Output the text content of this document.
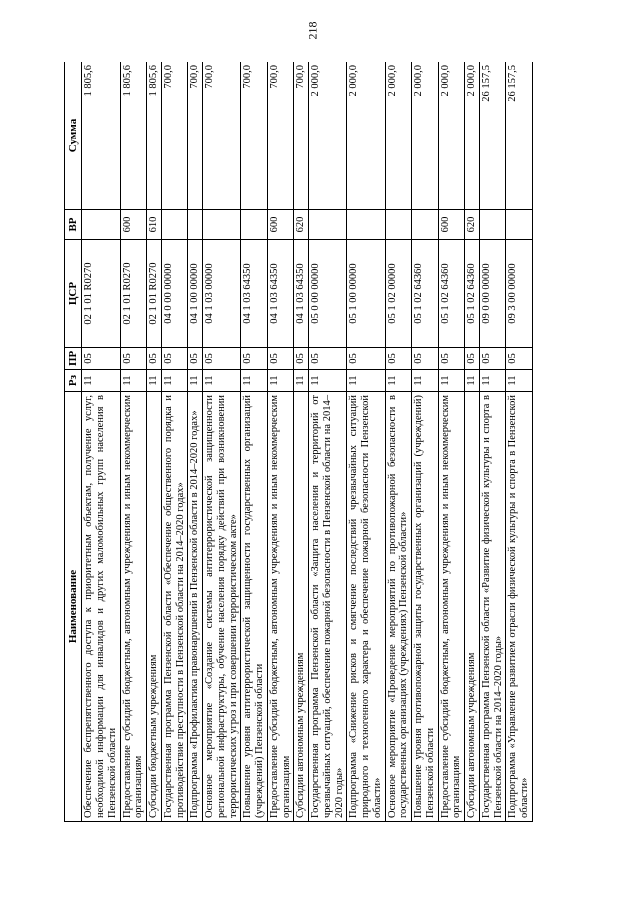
218
Наименование	Рз	ПР	ЦСР	ВР	Сумма
Обеспечение беспрепятственного доступа к приоритетным объектам, получение услуг, необходимой информации для инвалидов и других маломобильных групп населения в Пензенской области	11	05	02 1 01 R0270		1 805,6
Предоставление субсидий бюджетным, автономным учреждениям и иным некоммерческим организациям	11	05	02 1 01 R0270	600	1 805,6
Субсидии бюджетным учреждениям	11	05	02 1 01 R0270	610	1 805,6
Государственная программа Пензенской области «Обеспечение общественного порядка и противодействие преступности в Пензенской области на 2014–2020 годах»	11	05	04 0 00 00000		700,0
Подпрограмма «Профилактика правонарушений в Пензенской области в 2014–2020 годах»	11	05	04 1 00 00000		700,0
Основное мероприятие «Создание системы антитеррористической защищенности региональной инфраструктуры, обучение населения порядку действий при возникновении террористических угроз и при совершении террористическом акте»	11	05	04 1 03 00000		700,0
Повышение уровня антитеррористической защищенности государственных организаций (учреждений) Пензенской области	11	05	04 1 03 64350		700,0
Предоставление субсидий бюджетным, автономным учреждениям и иным некоммерческим организациям	11	05	04 1 03 64350	600	700,0
Субсидии автономным учреждениям	11	05	04 1 03 64350	620	700,0
Государственная программа Пензенской области «Защита населения и территорий от чрезвычайных ситуаций, обеспечение пожарной безопасности в Пензенской области на 2014–2020 годы»	11	05	05 0 00 00000		2 000,0
Подпрограмма «Снижение рисков и смягчение последствий чрезвычайных ситуаций природного и техногенного характера и обеспечение пожарной безопасности Пензенской области»	11	05	05 1 00 00000		2 000,0
Основное мероприятие «Проведение мероприятий по противопожарной безопасности в государственных организациях (учреждениях) Пензенской области»	11	05	05 1 02 00000		2 000,0
Повышение уровня противопожарной защиты государственных организаций (учреждений) Пензенской области	11	05	05 1 02 64360		2 000,0
Предоставление субсидий бюджетным, автономным учреждениям и иным некоммерческим организациям	11	05	05 1 02 64360	600	2 000,0
Субсидии автономным учреждениям	11	05	05 1 02 64360	620	2 000,0
Государственная программа Пензенской области «Развитие физической культуры и спорта в Пензенской области на 2014–2020 годы»	11	05	09 0 00 00000		26 157,5
Подпрограмма «Управление развитием отрасли физической культуры и спорта в Пензенской области»	11	05	09 3 00 00000		26 157,5
